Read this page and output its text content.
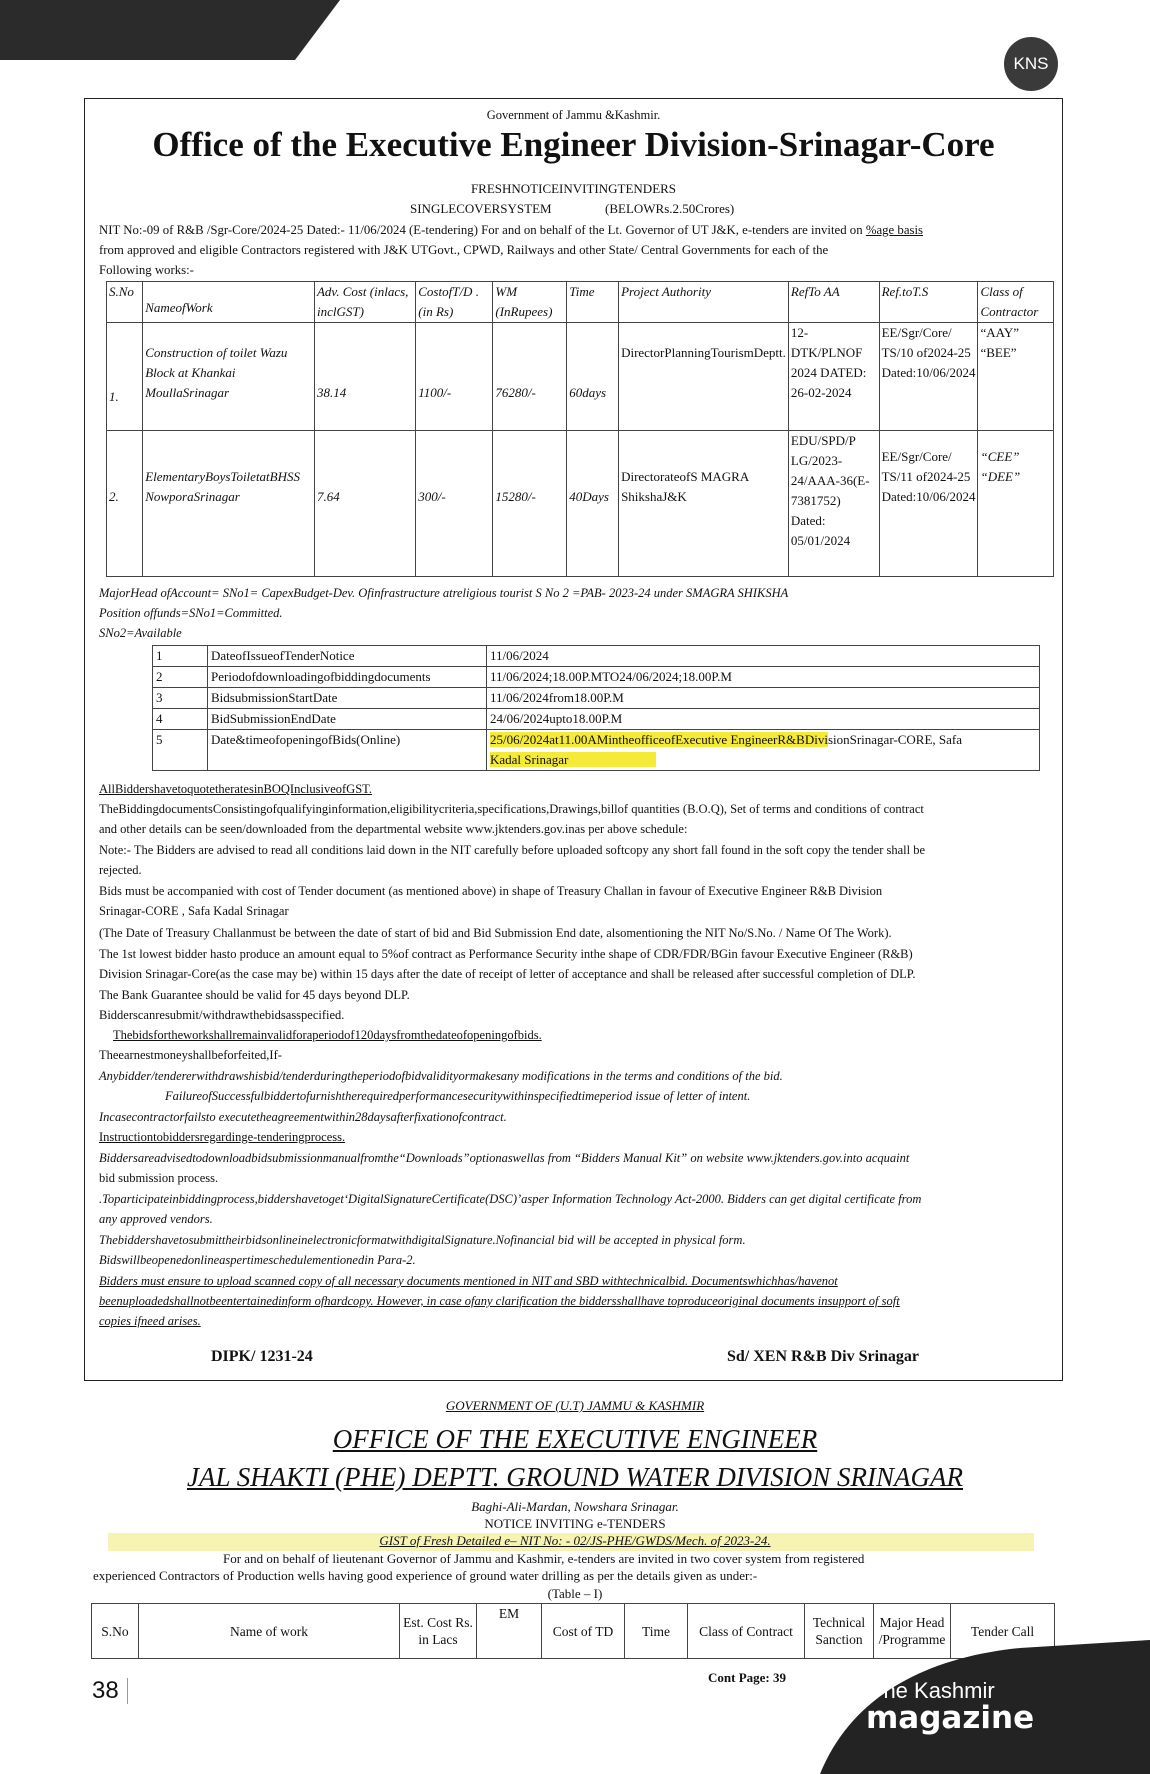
KNS
Government of Jammu &Kashmir.
Office of the Executive Engineer Division-Srinagar-Core
FRESHNOTICEINVITINGTENDERS
SINGLECOVERSYSTEM	(BELOWRs.2.50Crores)
NIT No:-09 of R&B /Sgr-Core/2024-25 Dated:- 11/06/2024 (E-tendering) For and on behalf of the Lt. Governor of UT J&K, e-tenders are invited on %age basis
from approved and eligible Contractors registered with J&K UTGovt., CPWD, Railways and other State/ Central Governments for each of the
Following works:-
S.No	NameofWork	Adv. Cost (inlacs, inclGST)	CostofT/D .(in Rs)	WM (InRupees)	Time	Project Authority	RefTo AA	Ref.toT.S	Class of Contractor
1.	Construction of toilet Wazu Block at Khankai MoullaSrinagar	38.14	1100/-	76280/-	60days	DirectorPlanningTourismDeptt.	12-DTK/PLNOF 2024 DATED: 26-02-2024	EE/Sgr/Core/ TS/10 of2024-25 Dated:10/06/2024	“AAY” “BEE”
2.	ElementaryBoysToiletatBHSS NowporaSrinagar	7.64	300/-	15280/-	40Days	DirectorateofS MAGRA ShikshaJ&K	EDU/SPD/P LG/2023-24/AAA-36(E-7381752) Dated: 05/01/2024	EE/Sgr/Core/ TS/11 of2024-25 Dated:10/06/2024	“CEE” “DEE”
MajorHead ofAccount= SNo1= CapexBudget-Dev. Ofinfrastructure atreligious tourist S No 2 =PAB- 2023-24 under SMAGRA SHIKSHA
Position offunds=SNo1=Committed.
SNo2=Available
1	DateofIssueofTenderNotice	11/06/2024
2	Periodofdownloadingofbiddingdocuments	11/06/2024;18.00P.MTO24/06/2024;18.00P.M
3	BidsubmissionStartDate	11/06/2024from18.00P.M
4	BidSubmissionEndDate	24/06/2024upto18.00P.M
5	Date&timeofopeningofBids(Online)	25/06/2024at11.00AMintheofficeofExecutive EngineerR&BDivisionSrinagar-CORE, Safa
Kadal Srinagar
AllBiddershavetoquotetheratesinBOQInclusiveofGST.
TheBiddingdocumentsConsistingofqualifyinginformation,eligibilitycriteria,specifications,Drawings,billof quantities (B.O.Q), Set of terms and conditions of contract
and other details can be seen/downloaded from the departmental website www.jktenders.gov.inas per above schedule:
Note:- The Bidders are advised to read all conditions laid down in the NIT carefully before uploaded softcopy any short fall found in the soft copy the tender shall be
rejected.
Bids must be accompanied with cost of Tender document (as mentioned above) in shape of Treasury Challan in favour of Executive Engineer R&B Division
Srinagar-CORE , Safa Kadal Srinagar
(The Date of Treasury Challanmust be between the date of start of bid and Bid Submission End date, alsomentioning the NIT No/S.No. / Name Of The Work).
The 1st lowest bidder hasto produce an amount equal to 5%of contract as Performance Security inthe shape of CDR/FDR/BGin favour Executive Engineer (R&B)
Division Srinagar-Core(as the case may be) within 15 days after the date of receipt of letter of acceptance and shall be released after successful completion of DLP.
The Bank Guarantee should be valid for 45 days beyond DLP.
Bidderscanresubmit/withdrawthebidsasspecified.
Thebidsfortheworkshallremainvalidforaperiodof120daysfromthedateofopeningofbids.
Theearnestmoneyshallbeforfeited,If-
Anybidder/tendererwithdrawshisbid/tenderduringtheperiodofbidvalidityormakesany modifications in the terms and conditions of the bid.
FailureofSuccessfulbiddertofurnishtherequiredperformancesecuritywithinspecifiedtimeperiod issue of letter of intent.
Incasecontractorfailsto executetheagreementwithin28daysafterfixationofcontract.
Instructiontobiddersregardinge-tenderingprocess.
Biddersareadvisedtodownloadbidsubmissionmanualfromthe“Downloads”optionaswellas from “Bidders Manual Kit” on website www.jktenders.gov.into acquaint
bid submission process.
.Toparticipateinbiddingprocess,biddershavetoget‘DigitalSignatureCertificate(DSC)’asper Information Technology Act-2000. Bidders can get digital certificate from
any approved vendors.
ThebiddershavetosubmittheirbidsonlineinelectronicformatwithdigitalSignature.Nofinancial bid will be accepted in physical form.
Bidswillbeopenedonlineaspertimeschedulementionedin Para-2.
Bidders must ensure to upload scanned copy of all necessary documents mentioned in NIT and SBD withtechnicalbid. Documentswhichhas/havenot
beenuploadedshallnotbeentertainedinform ofhardcopy. However, in case ofany clarification the biddersshallhave toproduceoriginal documents insupport of soft
copies ifneed arises.
DIPK/ 1231-24	Sd/ XEN R&B Div Srinagar
GOVERNMENT OF (U.T) JAMMU & KASHMIR
OFFICE OF THE EXECUTIVE ENGINEER
JAL SHAKTI (PHE) DEPTT. GROUND WATER DIVISION SRINAGAR
Baghi-Ali-Mardan, Nowshara Srinagar.
NOTICE INVITING e-TENDERS
GIST of Fresh Detailed e– NIT No: - 02/JS-PHE/GWDS/Mech. of 2023-24.
For and on behalf of lieutenant Governor of Jammu and Kashmir, e-tenders are invited in two cover system from registered
experienced Contractors of Production wells having good experience of ground water drilling as per the details given as under:-
(Table – I)
S.No	Name of work	Est. Cost Rs. in Lacs	EM	Cost of TD	Time	Class of Contract	Technical Sanction	Major Head /Programme	Tender Call
38	Cont Page: 39
The Kashmir
magazine
